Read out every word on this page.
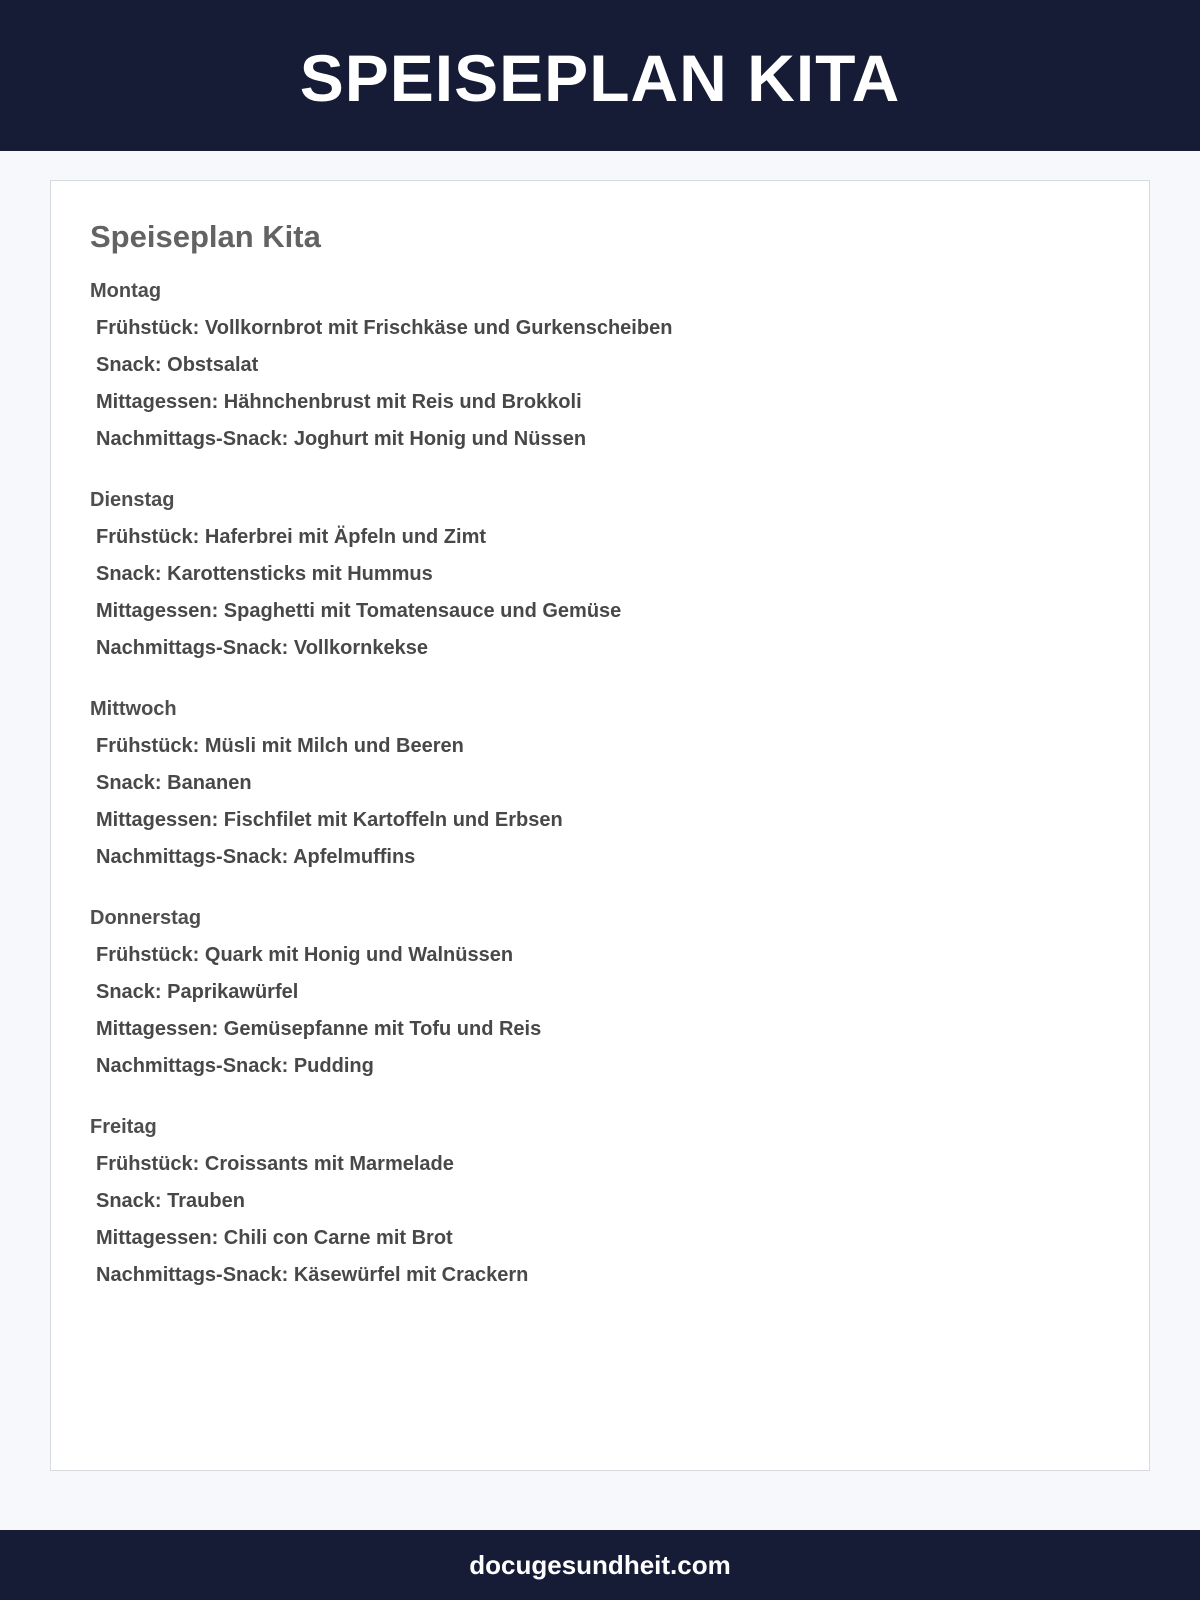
SPEISEPLAN KITA
Speiseplan Kita
Montag
Frühstück: Vollkornbrot mit Frischkäse und Gurkenscheiben
Snack: Obstsalat
Mittagessen: Hähnchenbrust mit Reis und Brokkoli
Nachmittags-Snack: Joghurt mit Honig und Nüssen
Dienstag
Frühstück: Haferbrei mit Äpfeln und Zimt
Snack: Karottensticks mit Hummus
Mittagessen: Spaghetti mit Tomatensauce und Gemüse
Nachmittags-Snack: Vollkornkekse
Mittwoch
Frühstück: Müsli mit Milch und Beeren
Snack: Bananen
Mittagessen: Fischfilet mit Kartoffeln und Erbsen
Nachmittags-Snack: Apfelmuffins
Donnerstag
Frühstück: Quark mit Honig und Walnüssen
Snack: Paprikawürfel
Mittagessen: Gemüsepfanne mit Tofu und Reis
Nachmittags-Snack: Pudding
Freitag
Frühstück: Croissants mit Marmelade
Snack: Trauben
Mittagessen: Chili con Carne mit Brot
Nachmittags-Snack: Käsewürfel mit Crackern
docugesundheit.com
